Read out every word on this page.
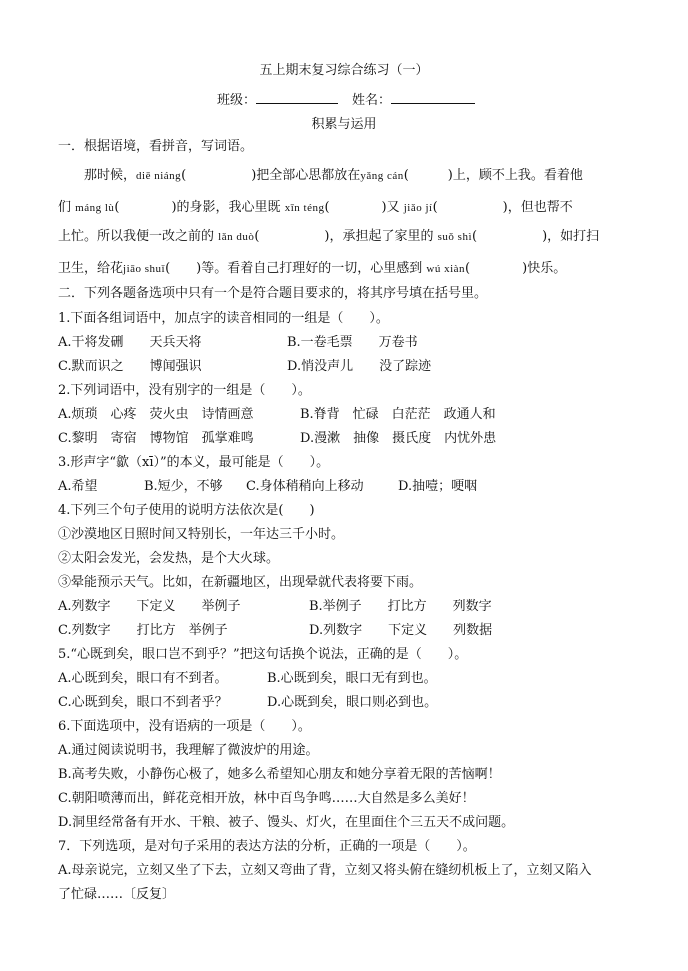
五上期末复习综合练习（一）
班级：	姓名：
积累与运用
一．根据语境，看拼音，写词语。
那时候，diē niáng(　　　　　)把全部心思都放在yǎng cán(　　　)上，顾不上我。看着他
们 máng lù(　　　　)的身影，我心里既 xīn téng(　　　　)又 jiǎo jí(　　　　　)，但也帮不
上忙。所以我便一改之前的 lǎn duò(　　　　　)，承担起了家里的 suǒ shì(　　　　　)，如打扫
卫生，给花jiāo shuǐ(　　)等。看着自己打理好的一切，心里感到 wú xiàn(　　　　)快乐。
二．下列各题备选项中只有一个是符合题目要求的，将其序号填在括号里。
1.下面各组词语中，加点字的读音相同的一组是（　　）。
A.干将发硎　　天兵天将	B.一卷毛票　　万卷书
C.默而识之　　博闻强识	D.悄没声儿　　没了踪迹
2.下列词语中，没有别字的一组是（　　）。
A.烦琐　心疼　荧火虫　诗情画意	B.脊背　忙碌　白茫茫　政通人和
C.黎明　寄宿　博物馆　孤掌难鸣	D.漫漱　抽像　摄氏度　内忧外患
3.形声字“歙（xī）”的本义，最可能是（　　）。
A.希望	B.短少，不够 C.身体稍稍向上移动	D.抽噎；哽咽
4.下列三个句子使用的说明方法依次是(　　)
①沙漠地区日照时间又特别长，一年达三千小时。
②太阳会发光，会发热，是个大火球。
③晕能预示天气。比如，在新疆地区，出现晕就代表将要下雨。
A.列数字　　下定义　　举例子	B.举例子　　打比方　　列数字
C.列数字　　打比方　举例子	D.列数字　　下定义　　列数据
5.“心既到矣，眼口岂不到乎？”把这句话换个说法，正确的是（　　）。
A.心既到矣，眼口有不到者。	B.心既到矣，眼口无有到也。
C.心既到矣，眼口不到者乎？	D.心既到矣，眼口则必到也。
6.下面选项中，没有语病的一项是（　　）。
A.通过阅读说明书，我理解了微波炉的用途。
B.高考失败，小静伤心极了，她多么希望知心朋友和她分享着无限的苦恼啊！
C.朝阳喷薄而出，鲜花竞相开放，林中百鸟争鸣……大自然是多么美好！
D.洞里经常备有开水、干粮、被子、馒头、灯火，在里面住个三五天不成问题。
7．下列选项，是对句子采用的表达方法的分析，正确的一项是（　　）。
A.母亲说完，立刻又坐了下去，立刻又弯曲了背，立刻又将头俯在缝纫机板上了，立刻又陷入
了忙碌……〔反复〕
